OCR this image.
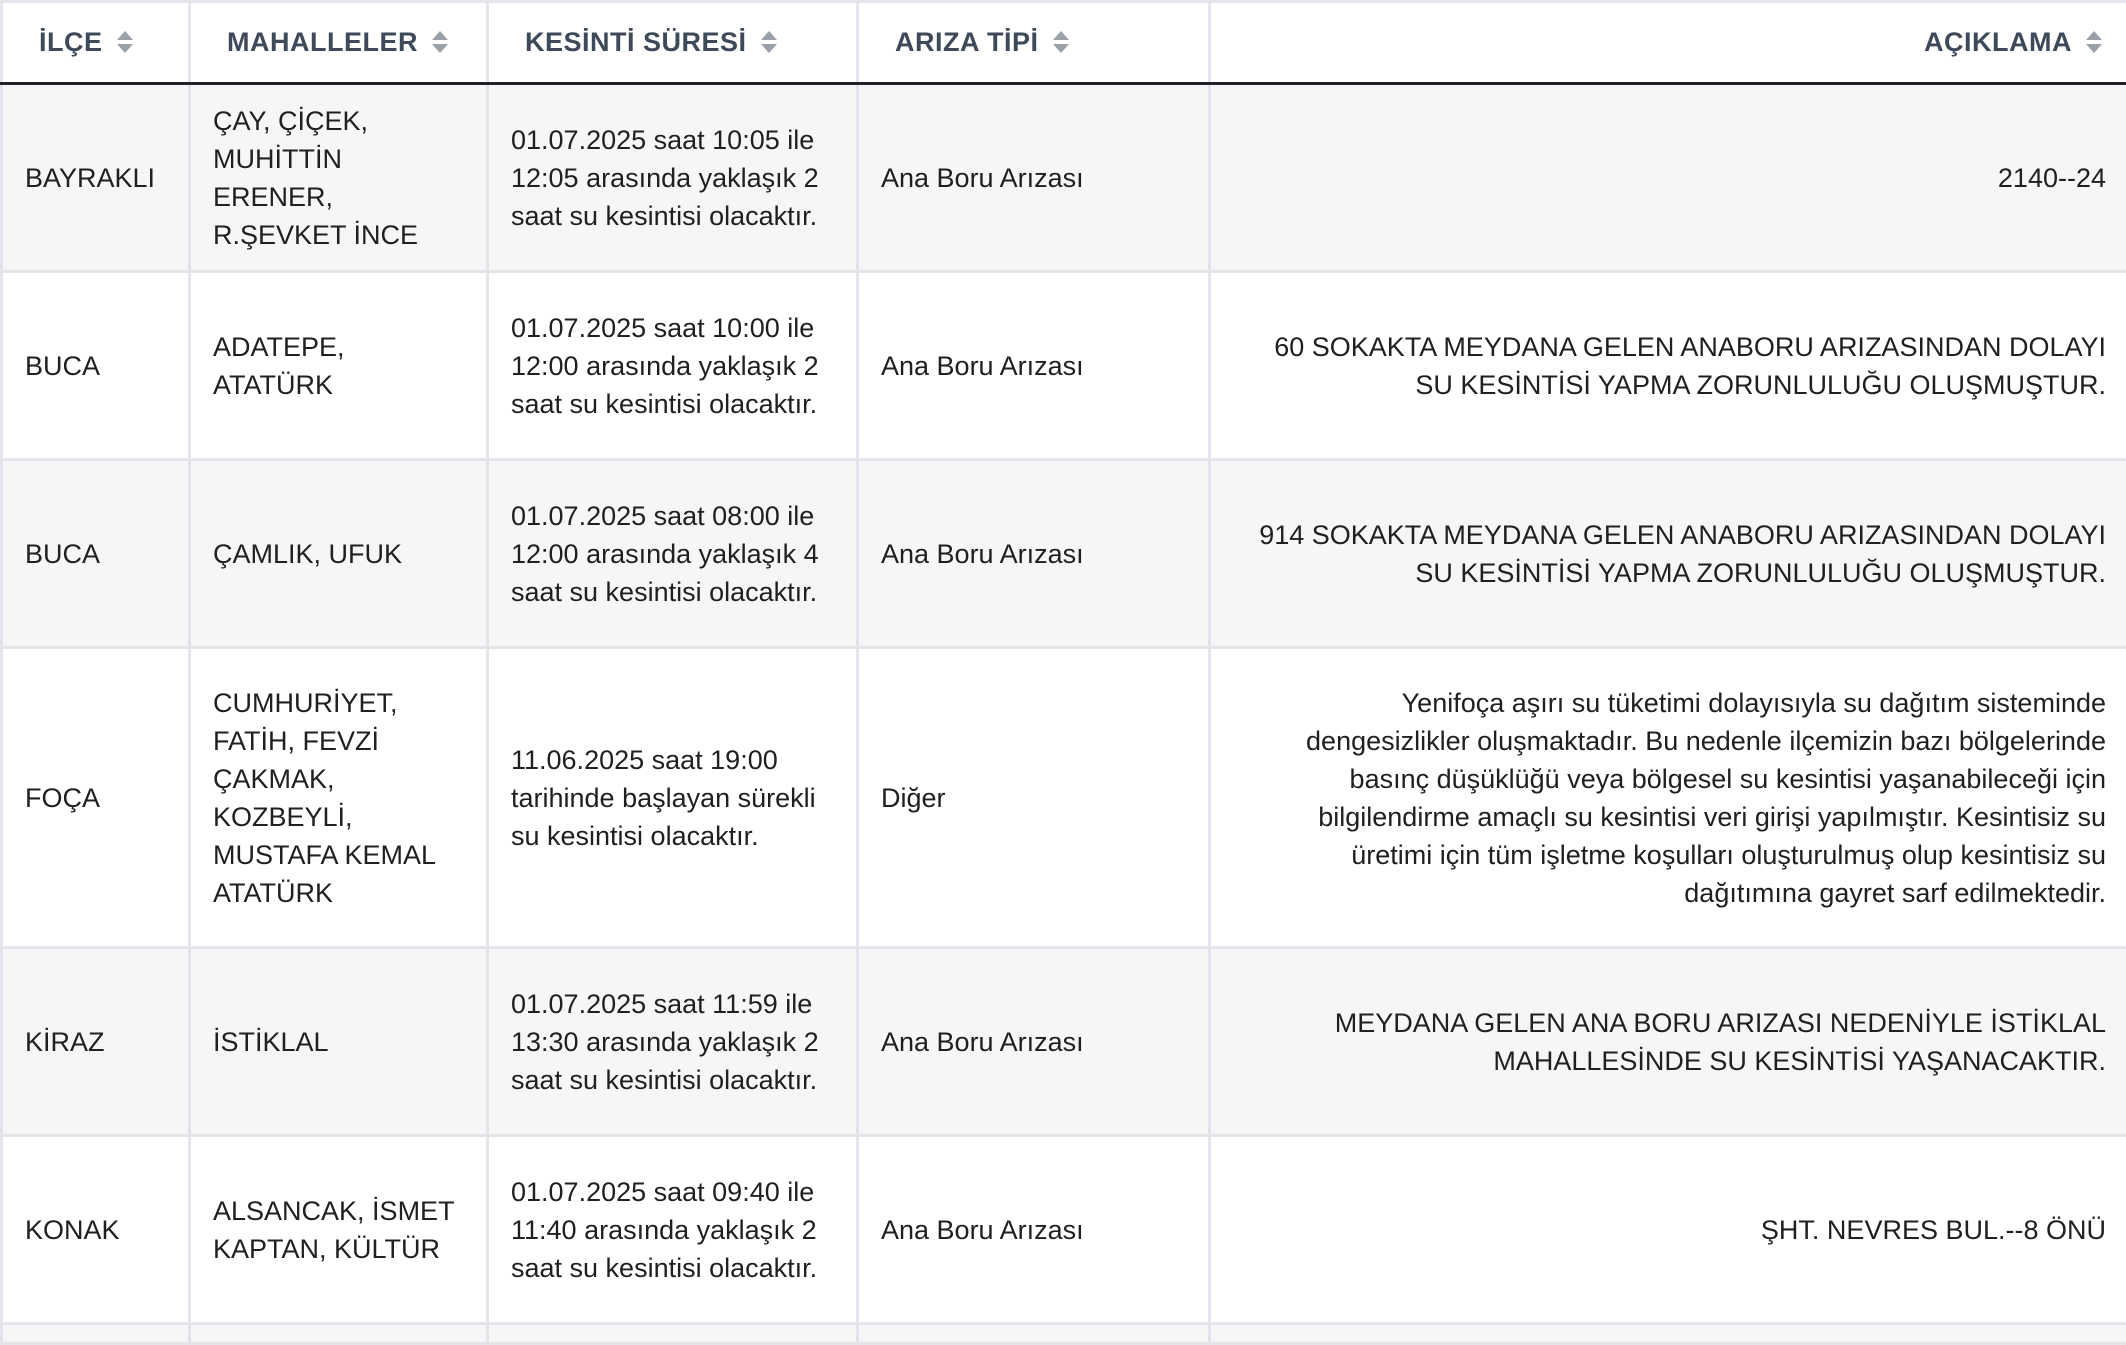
İLÇE	MAHALLELER	KESİNTİ SÜRESİ	ARIZA TİPİ	AÇIKLAMA
BAYRAKLI	ÇAY, ÇİÇEK, MUHİTTİN ERENER, R.ŞEVKET İNCE	01.07.2025 saat 10:05 ile 12:05 arasında yaklaşık 2 saat su kesintisi olacaktır.	Ana Boru Arızası	2140--24
BUCA	ADATEPE, ATATÜRK	01.07.2025 saat 10:00 ile 12:00 arasında yaklaşık 2 saat su kesintisi olacaktır.	Ana Boru Arızası	60 SOKAKTA MEYDANA GELEN ANABORU ARIZASINDAN DOLAYI SU KESİNTİSİ YAPMA ZORUNLULUĞU OLUŞMUŞTUR.
BUCA	ÇAMLIK, UFUK	01.07.2025 saat 08:00 ile 12:00 arasında yaklaşık 4 saat su kesintisi olacaktır.	Ana Boru Arızası	914 SOKAKTA MEYDANA GELEN ANABORU ARIZASINDAN DOLAYI SU KESİNTİSİ YAPMA ZORUNLULUĞU OLUŞMUŞTUR.
FOÇA	CUMHURİYET, FATİH, FEVZİ ÇAKMAK, KOZBEYLİ, MUSTAFA KEMAL ATATÜRK	11.06.2025 saat 19:00 tarihinde başlayan sürekli su kesintisi olacaktır.	Diğer	Yenifoça aşırı su tüketimi dolayısıyla su dağıtım sisteminde dengesizlikler oluşmaktadır. Bu nedenle ilçemizin bazı bölgelerinde basınç düşüklüğü veya bölgesel su kesintisi yaşanabileceği için bilgilendirme amaçlı su kesintisi veri girişi yapılmıştır. Kesintisiz su üretimi için tüm işletme koşulları oluşturulmuş olup kesintisiz su dağıtımına gayret sarf edilmektedir.
KİRAZ	İSTİKLAL	01.07.2025 saat 11:59 ile 13:30 arasında yaklaşık 2 saat su kesintisi olacaktır.	Ana Boru Arızası	MEYDANA GELEN ANA BORU ARIZASI NEDENİYLE İSTİKLAL MAHALLESİNDE SU KESİNTİSİ YAŞANACAKTIR.
KONAK	ALSANCAK, İSMET KAPTAN, KÜLTÜR	01.07.2025 saat 09:40 ile 11:40 arasında yaklaşık 2 saat su kesintisi olacaktır.	Ana Boru Arızası	ŞHT. NEVRES BUL.--8 ÖNÜ
